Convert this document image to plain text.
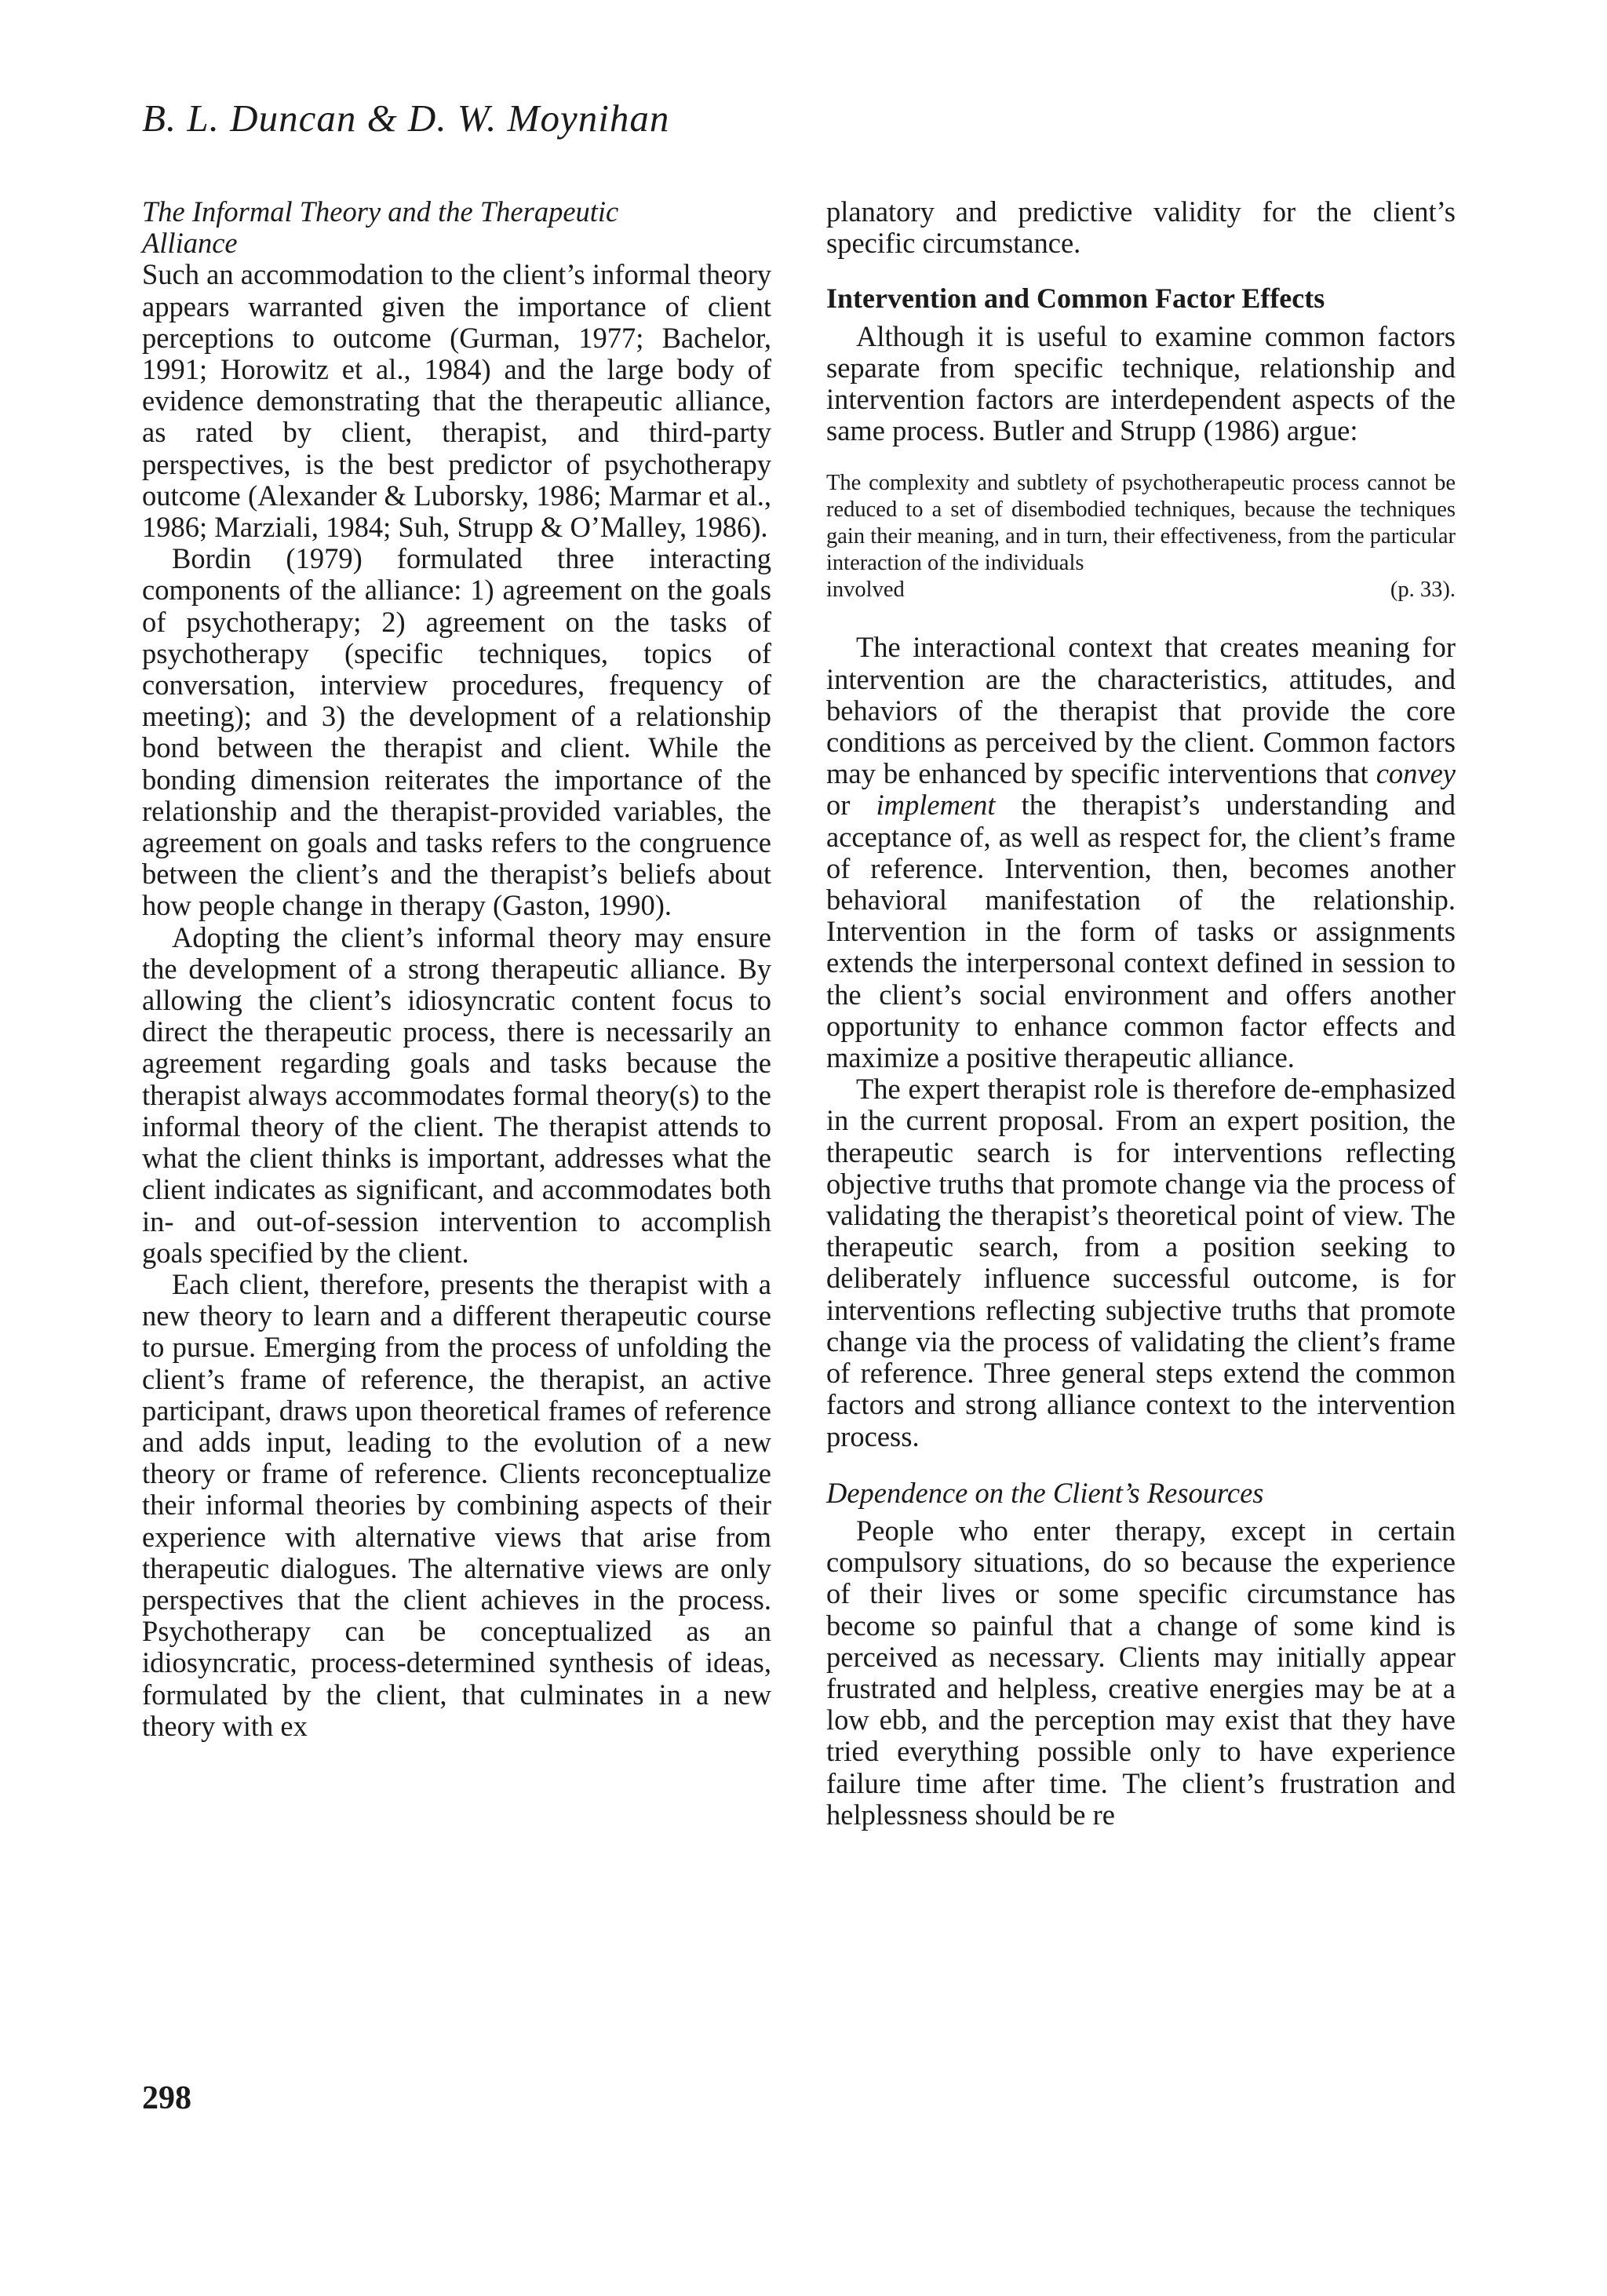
B. L. Duncan & D. W. Moynihan
The Informal Theory and the Therapeutic Alliance

Such an accommodation to the client’s informal theory appears warranted given the importance of client perceptions to outcome (Gurman, 1977; Bachelor, 1991; Horowitz et al., 1984) and the large body of evidence demonstrating that the therapeutic alliance, as rated by client, therapist, and third-party perspectives, is the best predictor of psychotherapy outcome (Alexander & Luborsky, 1986; Marmar et al., 1986; Marziali, 1984; Suh, Strupp & O’Malley, 1986).

Bordin (1979) formulated three interacting components of the alliance: 1) agreement on the goals of psychotherapy; 2) agreement on the tasks of psychotherapy (specific techniques, topics of conversation, interview procedures, frequency of meeting); and 3) the development of a relationship bond between the therapist and client. While the bonding dimension reiterates the importance of the relationship and the therapist-provided variables, the agreement on goals and tasks refers to the congruence between the client’s and the therapist’s beliefs about how people change in therapy (Gaston, 1990).

Adopting the client’s informal theory may ensure the development of a strong therapeutic alliance. By allowing the client’s idiosyncratic content focus to direct the therapeutic process, there is necessarily an agreement regarding goals and tasks because the therapist always accommodates formal theory(s) to the informal theory of the client. The therapist attends to what the client thinks is important, addresses what the client indicates as significant, and accommodates both in- and out-of-session intervention to accomplish goals specified by the client.

Each client, therefore, presents the therapist with a new theory to learn and a different therapeutic course to pursue. Emerging from the process of unfolding the client’s frame of reference, the therapist, an active participant, draws upon theoretical frames of reference and adds input, leading to the evolution of a new theory or frame of reference. Clients reconceptualize their informal theories by combining aspects of their experience with alternative views that arise from therapeutic dialogues. The alternative views are only perspectives that the client achieves in the process. Psychotherapy can be conceptualized as an idiosyncratic, process-determined synthesis of ideas, formulated by the client, that culminates in a new theory with ex

planatory and predictive validity for the client’s specific circumstance.

Intervention and Common Factor Effects

Although it is useful to examine common factors separate from specific technique, relationship and intervention factors are interdependent aspects of the same process. Butler and Strupp (1986) argue:

The complexity and subtlety of psychotherapeutic process cannot be reduced to a set of disembodied techniques, because the techniques gain their meaning, and in turn, their effectiveness, from the particular interaction of the individuals
involved	(p. 33).

The interactional context that creates meaning for intervention are the characteristics, attitudes, and behaviors of the therapist that provide the core conditions as perceived by the client. Common factors may be enhanced by specific interventions that convey or implement the therapist’s understanding and acceptance of, as well as respect for, the client’s frame of reference. Intervention, then, becomes another behavioral manifestation of the relationship. Intervention in the form of tasks or assignments extends the interpersonal context defined in session to the client’s social environment and offers another opportunity to enhance common factor effects and maximize a positive therapeutic alliance.

The expert therapist role is therefore de-emphasized in the current proposal. From an expert position, the therapeutic search is for interventions reflecting objective truths that promote change via the process of validating the therapist’s theoretical point of view. The therapeutic search, from a position seeking to deliberately influence successful outcome, is for interventions reflecting subjective truths that promote change via the process of validating the client’s frame of reference. Three general steps extend the common factors and strong alliance context to the intervention process.

Dependence on the Client’s Resources

People who enter therapy, except in certain compulsory situations, do so because the experience of their lives or some specific circumstance has become so painful that a change of some kind is perceived as necessary. Clients may initially appear frustrated and helpless, creative energies may be at a low ebb, and the perception may exist that they have tried everything possible only to have experience failure time after time. The client’s frustration and helplessness should be re

298
